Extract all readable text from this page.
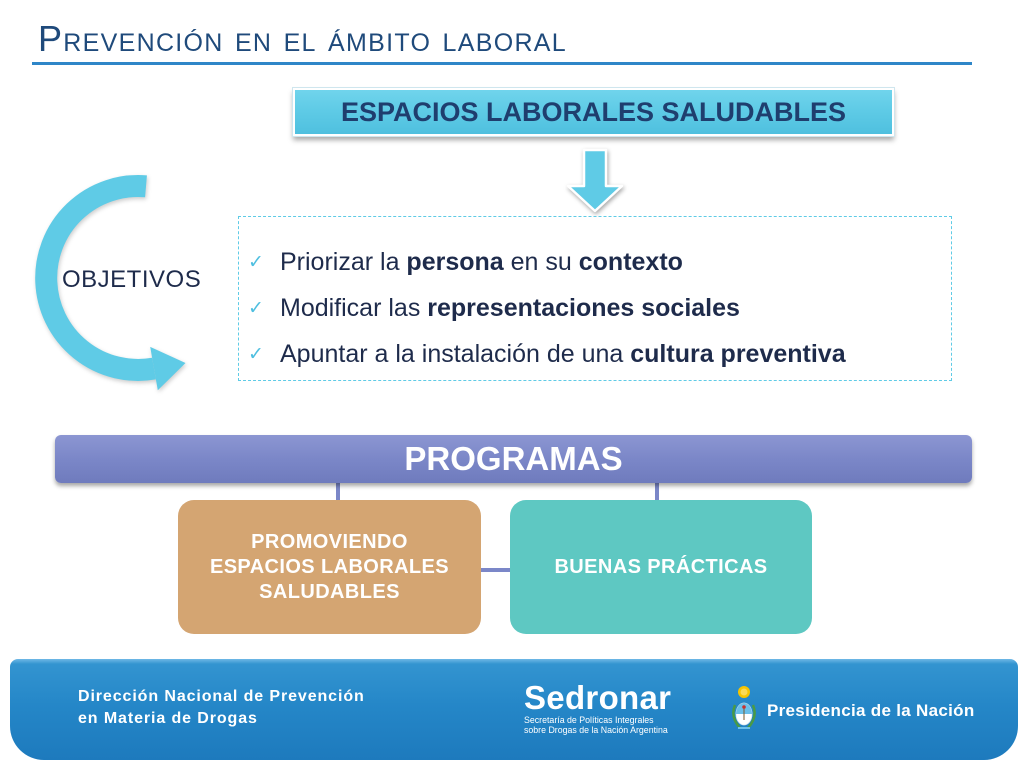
Prevención en el ámbito laboral
ESPACIOS LABORALES SALUDABLES
OBJETIVOS
✓
Priorizar la persona en su contexto
✓
Modificar las representaciones sociales
✓
Apuntar a la instalación de una cultura preventiva
PROGRAMAS
PROMOVIENDO
ESPACIOS LABORALES
SALUDABLES
BUENAS PRÁCTICAS
Dirección Nacional de Prevención
en Materia de Drogas
Sedronar
Secretaría de Políticas Integrales
sobre Drogas de la Nación Argentina
Presidencia de la Nación
